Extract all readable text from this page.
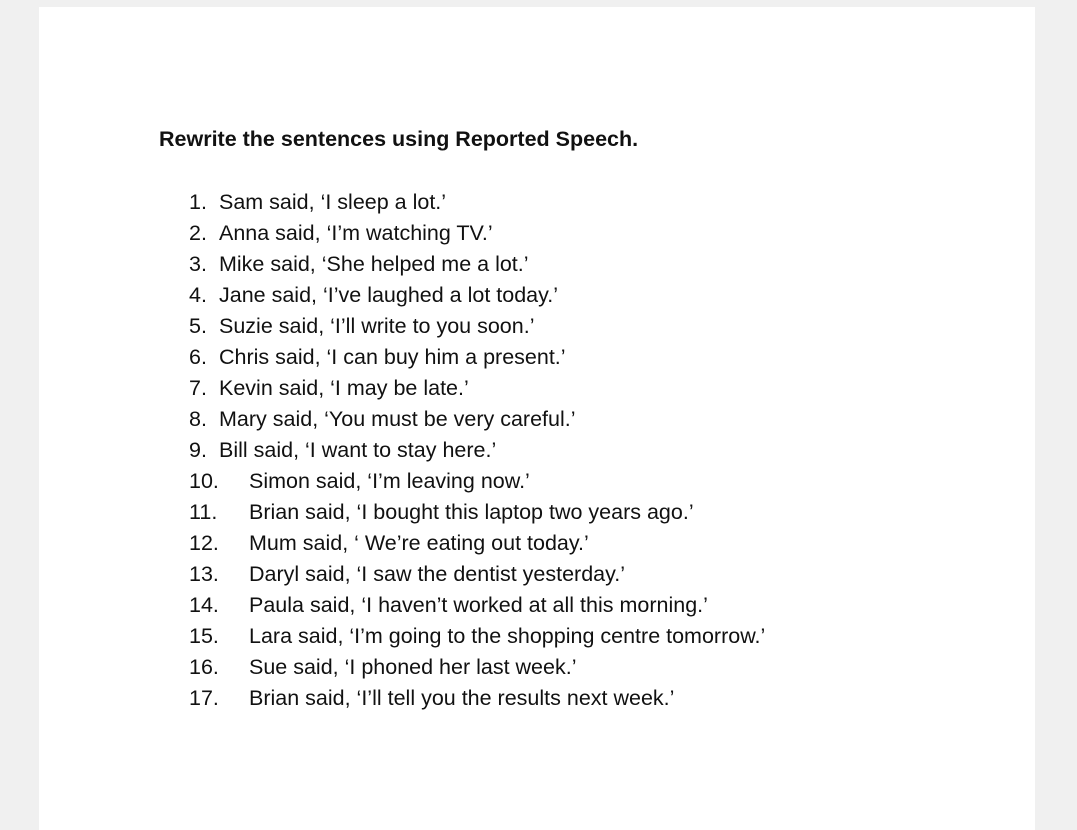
Rewrite the sentences using Reported Speech.
1. Sam said, ‘I sleep a lot.’
2. Anna said, ‘I’m watching TV.’
3. Mike said, ‘She helped me a lot.’
4. Jane said, ‘I’ve laughed a lot today.’
5. Suzie said, ‘I’ll write to you soon.’
6. Chris said, ‘I can buy him a present.’
7. Kevin said, ‘I may be late.’
8. Mary said, ‘You must be very careful.’
9. Bill said, ‘I want to stay here.’
10. Simon said, ‘I’m leaving now.’
11. Brian said, ‘I bought this laptop two years ago.’
12. Mum said, ‘ We’re eating out today.’
13. Daryl said, ‘I saw the dentist yesterday.’
14. Paula said, ‘I haven’t worked at all this morning.’
15. Lara said, ‘I’m going to the shopping centre tomorrow.’
16. Sue said, ‘I phoned her last week.’
17. Brian said, ‘I’ll tell you the results next week.’
